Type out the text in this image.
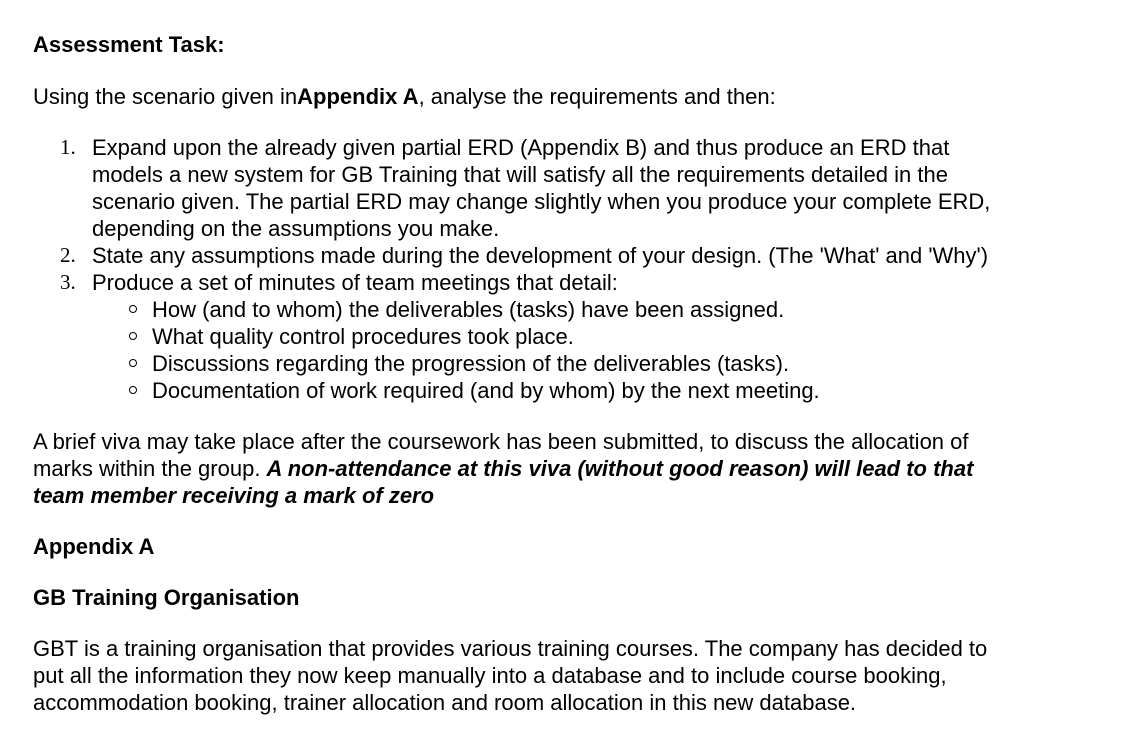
Assessment Task:

Using the scenario given inAppendix A, analyse the requirements and then:

1. Expand upon the already given partial ERD (Appendix B) and thus produce an ERD that

models a new system for GB Training that will satisfy all the requirements detailed in the

scenario given. The partial ERD may change slightly when you produce your complete ERD,

depending on the assumptions you make.

2. State any assumptions made during the development of your design. (The 'What' and 'Why')

3. Produce a set of minutes of team meetings that detail:

How (and to whom) the deliverables (tasks) have been assigned.

What quality control procedures took place.

Discussions regarding the progression of the deliverables (tasks).

Documentation of work required (and by whom) by the next meeting.

A brief viva may take place after the coursework has been submitted, to discuss the allocation of

marks within the group. A non-attendance at this viva (without good reason) will lead to that

team member receiving a mark of zero

Appendix A

GB Training Organisation

GBT is a training organisation that provides various training courses. The company has decided to

put all the information they now keep manually into a database and to include course booking,

accommodation booking, trainer allocation and room allocation in this new database.
